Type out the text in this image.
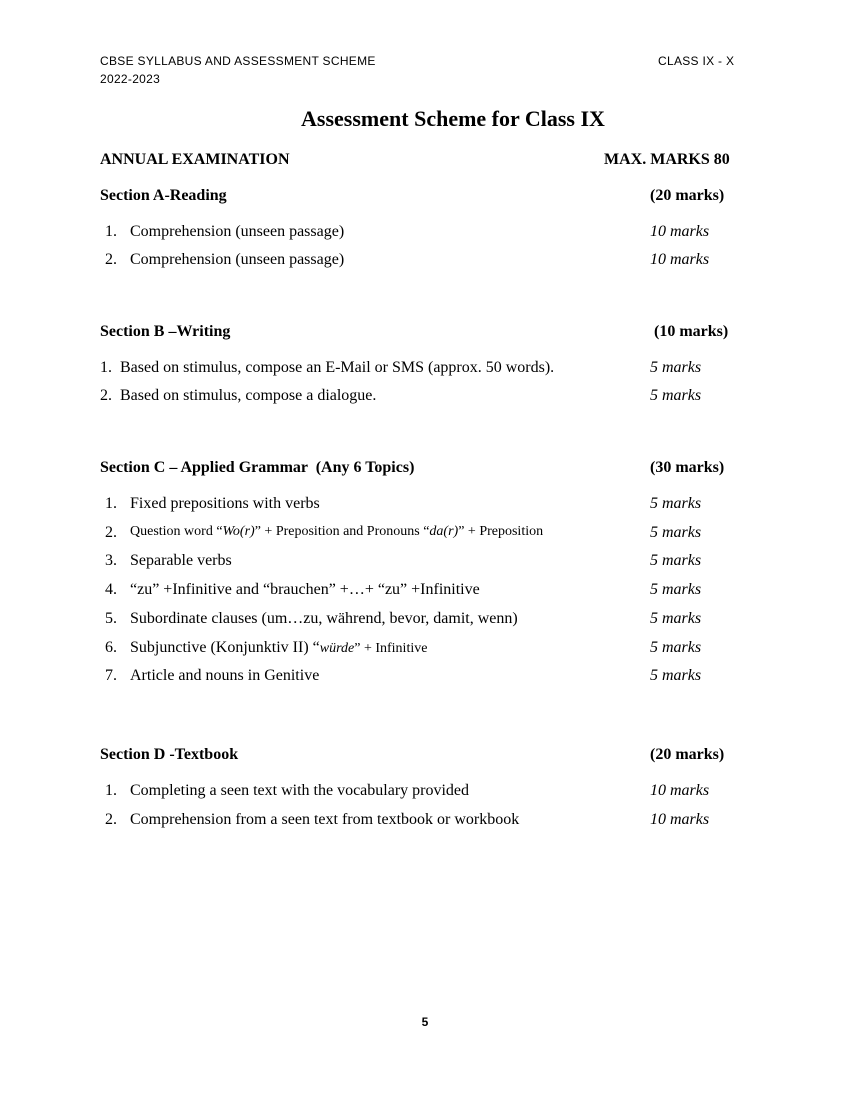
CBSE SYLLABUS AND ASSESSMENT SCHEME
2022-2023
CLASS IX - X
Assessment Scheme for Class IX
ANNUAL EXAMINATION	MAX. MARKS 80
Section A-Reading	(20 marks)
1. Comprehension (unseen passage)	10 marks
2. Comprehension (unseen passage)	10 marks
Section B –Writing	(10 marks)
1. Based on stimulus, compose an E-Mail or SMS (approx. 50 words).	5 marks
2. Based on stimulus, compose a dialogue.	5 marks
Section C – Applied Grammar  (Any 6 Topics)	(30 marks)
1. Fixed prepositions with verbs	5 marks
2. Question word “Wo(r)” + Preposition and Pronouns “da(r)” + Preposition	5 marks
3. Separable verbs	5 marks
4. “zu” +Infinitive and “brauchen” +…+ “zu” +Infinitive	5 marks
5. Subordinate clauses (um…zu, während, bevor, damit, wenn)	5 marks
6. Subjunctive (Konjunktiv II) “würde” + Infinitive	5 marks
7. Article and nouns in Genitive	5 marks
Section D -Textbook	(20 marks)
1. Completing a seen text with the vocabulary provided	10 marks
2. Comprehension from a seen text from textbook or workbook	10 marks
5
